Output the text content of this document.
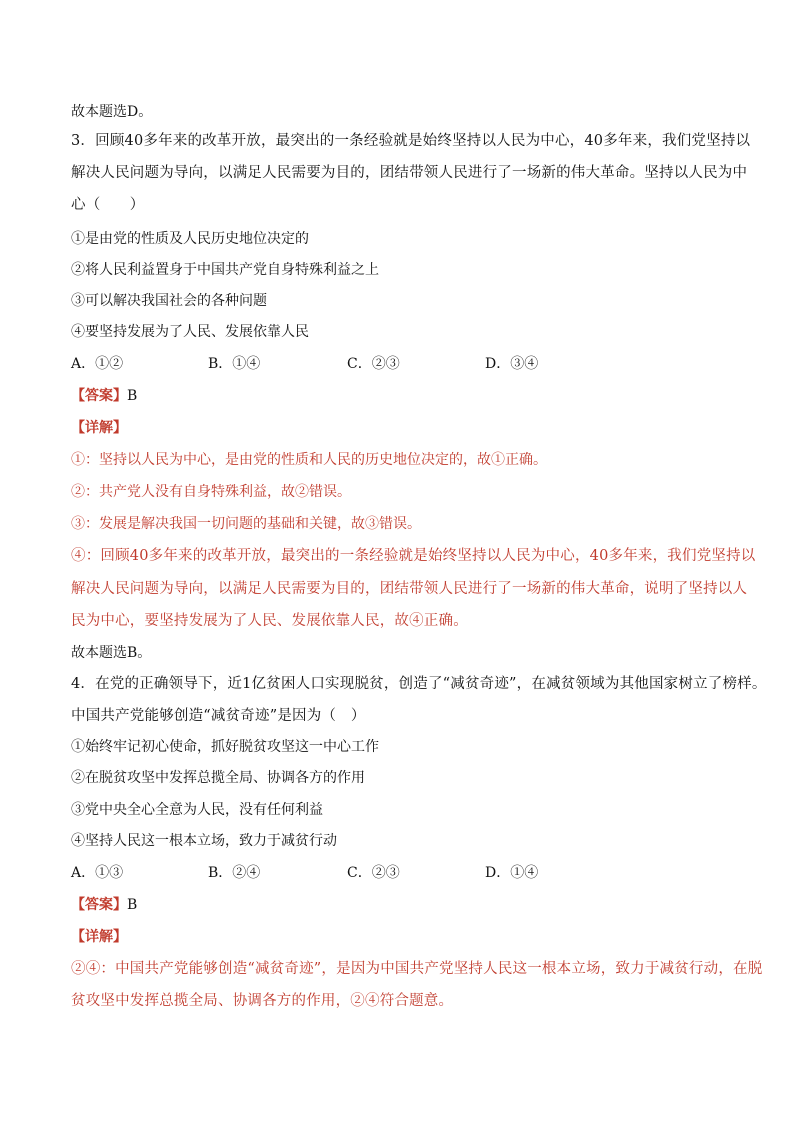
故本题选D。
3．回顾40多年来的改革开放，最突出的一条经验就是始终坚持以人民为中心，40多年来，我们党坚持以
解决人民问题为导向，以满足人民需要为目的，团结带领人民进行了一场新的伟大革命。坚持以人民为中
心（　　）
①是由党的性质及人民历史地位决定的
②将人民利益置身于中国共产党自身特殊利益之上
③可以解决我国社会的各种问题
④要坚持发展为了人民、发展依靠人民
A．①②	B．①④	C．②③	D．③④
【答案】B
【详解】
①：坚持以人民为中心，是由党的性质和人民的历史地位决定的，故①正确。
②：共产党人没有自身特殊利益，故②错误。
③：发展是解决我国一切问题的基础和关键，故③错误。
④：回顾40多年来的改革开放，最突出的一条经验就是始终坚持以人民为中心，40多年来，我们党坚持以
解决人民问题为导向，以满足人民需要为目的，团结带领人民进行了一场新的伟大革命，说明了坚持以人
民为中心，要坚持发展为了人民、发展依靠人民，故④正确。
故本题选B。
4．在党的正确领导下，近1亿贫困人口实现脱贫，创造了“减贫奇迹”，在减贫领域为其他国家树立了榜样。
中国共产党能够创造“减贫奇迹”是因为（　）
①始终牢记初心使命，抓好脱贫攻坚这一中心工作
②在脱贫攻坚中发挥总揽全局、协调各方的作用
③党中央全心全意为人民，没有任何利益
④坚持人民这一根本立场，致力于减贫行动
A．①③	B．②④	C．②③	D．①④
【答案】B
【详解】
②④：中国共产党能够创造“减贫奇迹”，是因为中国共产党坚持人民这一根本立场，致力于减贫行动，在脱
贫攻坚中发挥总揽全局、协调各方的作用，②④符合题意。
